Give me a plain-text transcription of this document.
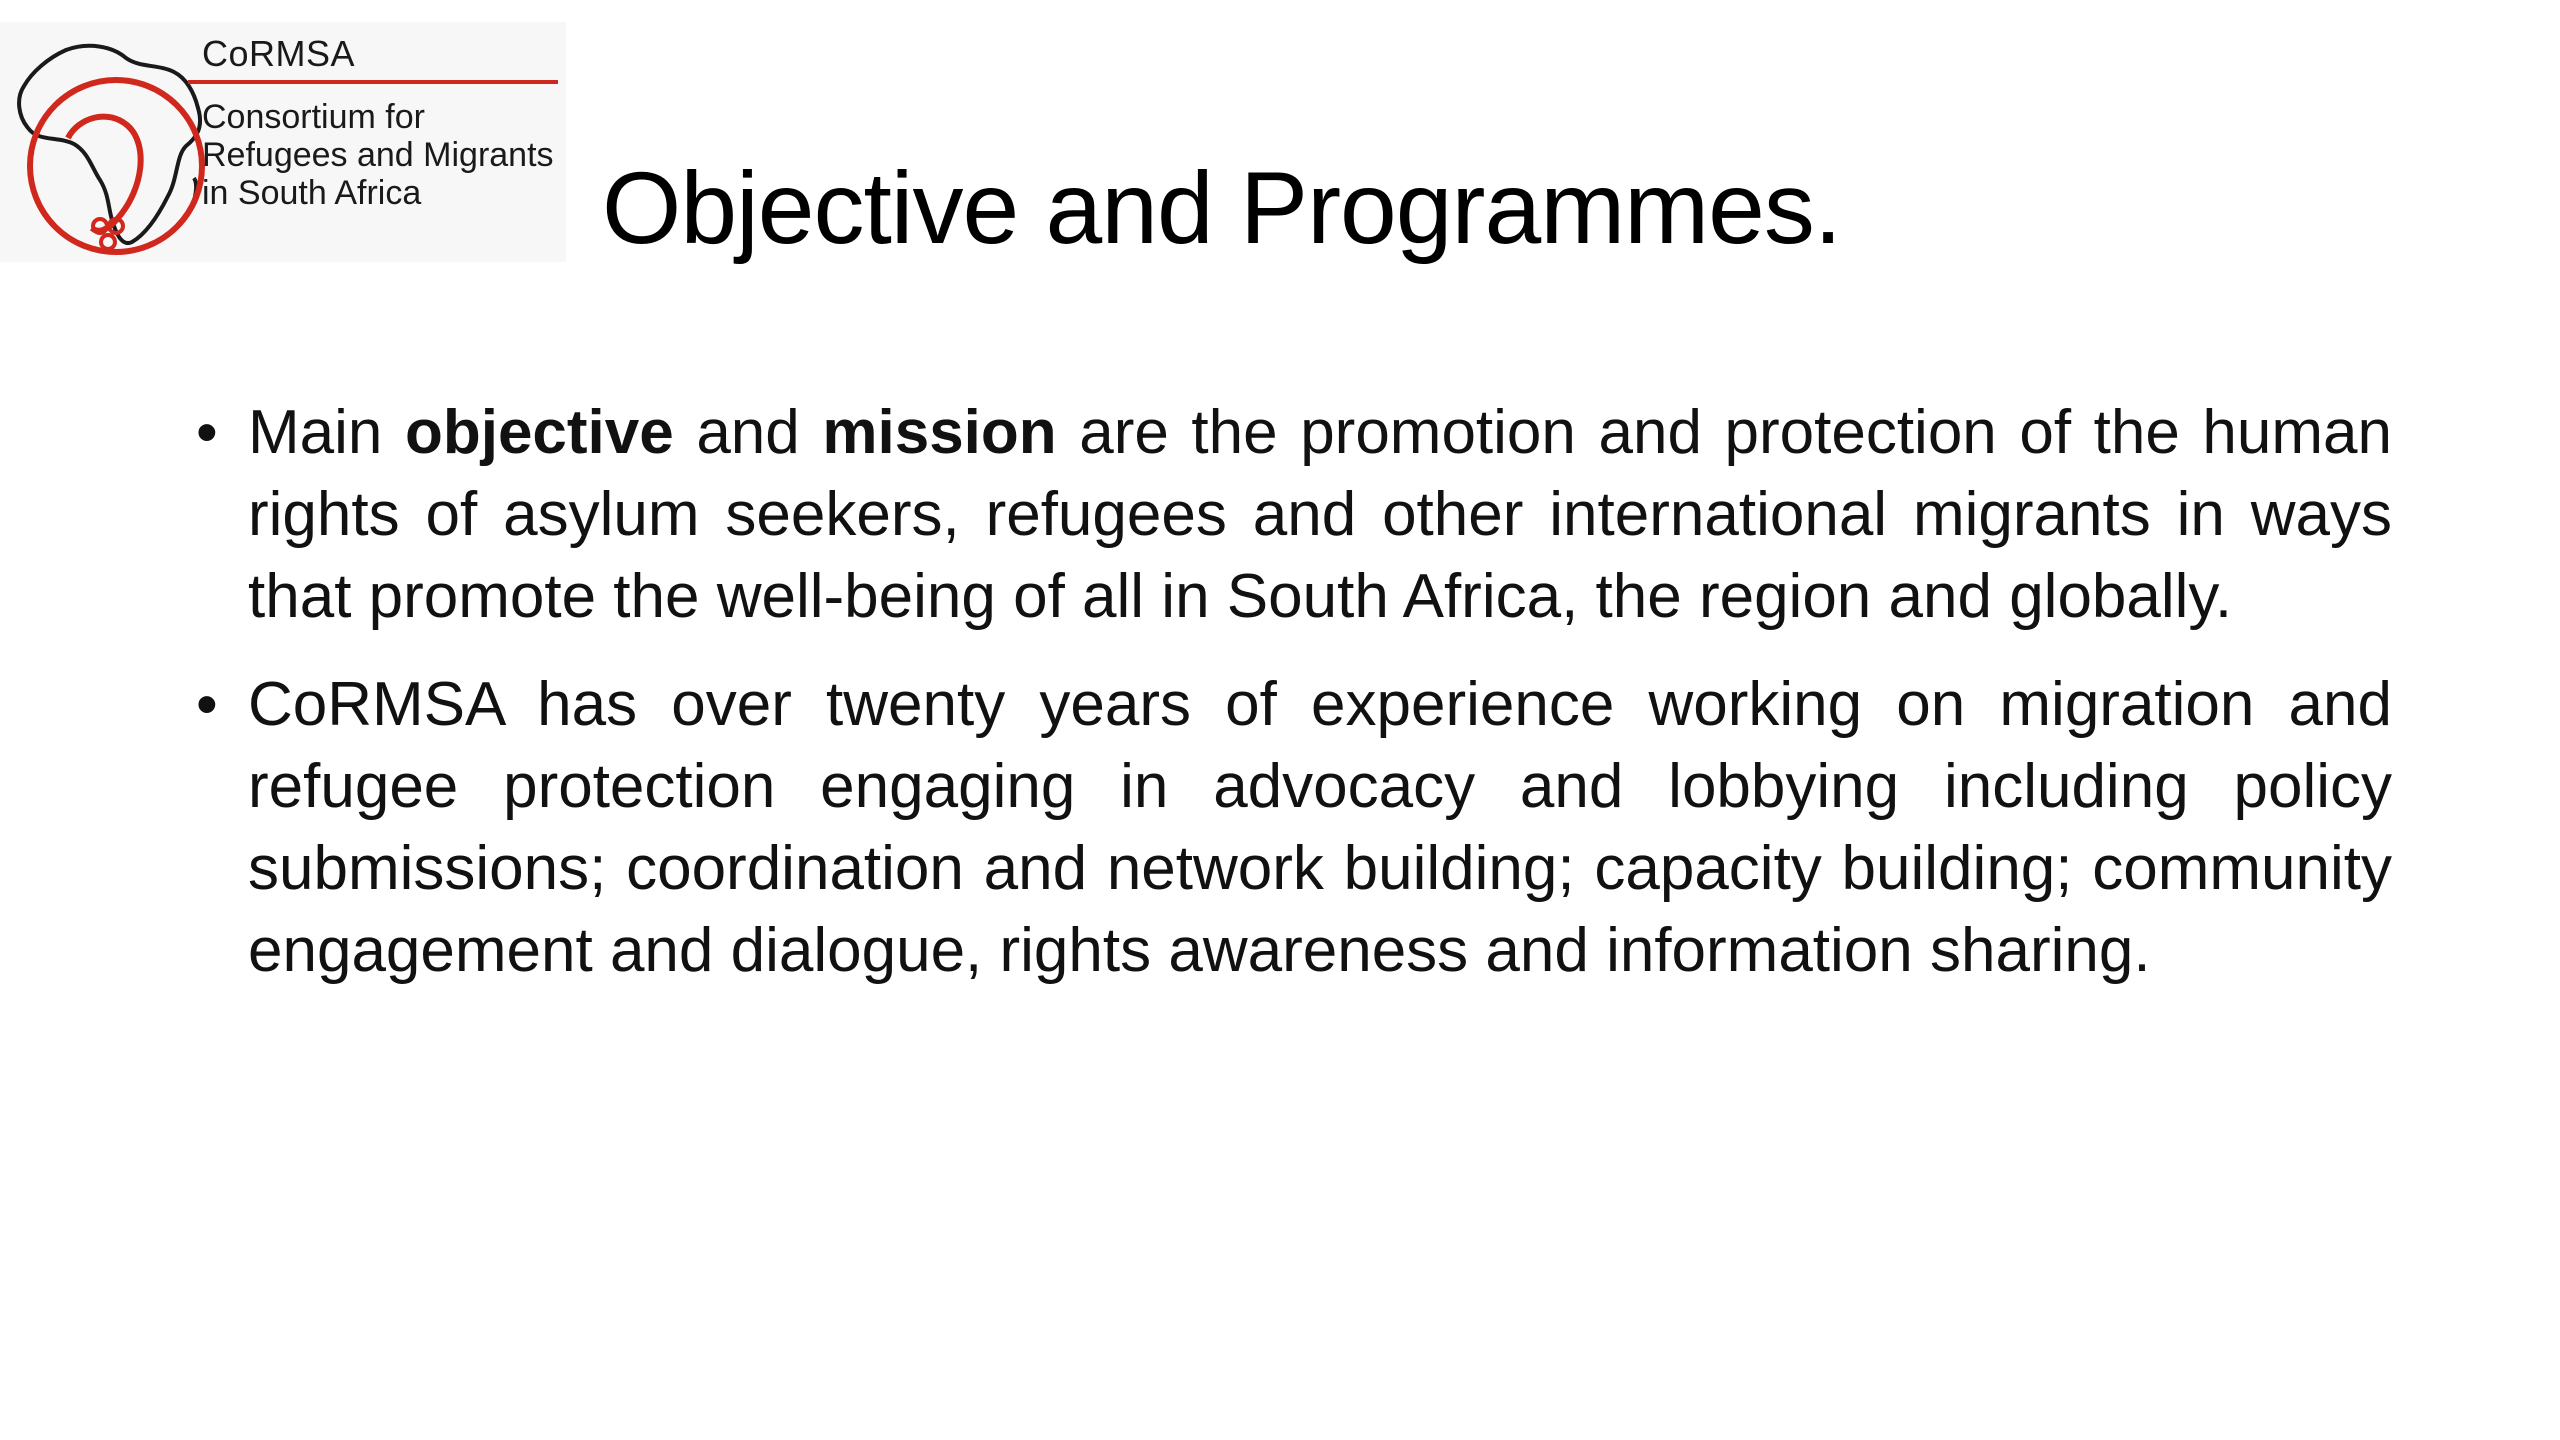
CoRMSA
Consortium for
Refugees and Migrants
in South Africa	Objective and Programmes.
• Main objective and mission are the promotion and protection of the human rights of asylum seekers, refugees and other international migrants in ways that promote the well-being of all in South Africa, the region and globally.
• CoRMSA has over twenty years of experience working on migration and refugee protection engaging in advocacy and lobbying including policy submissions; coordination and network building; capacity building; community engagement and dialogue, rights awareness and information sharing.
